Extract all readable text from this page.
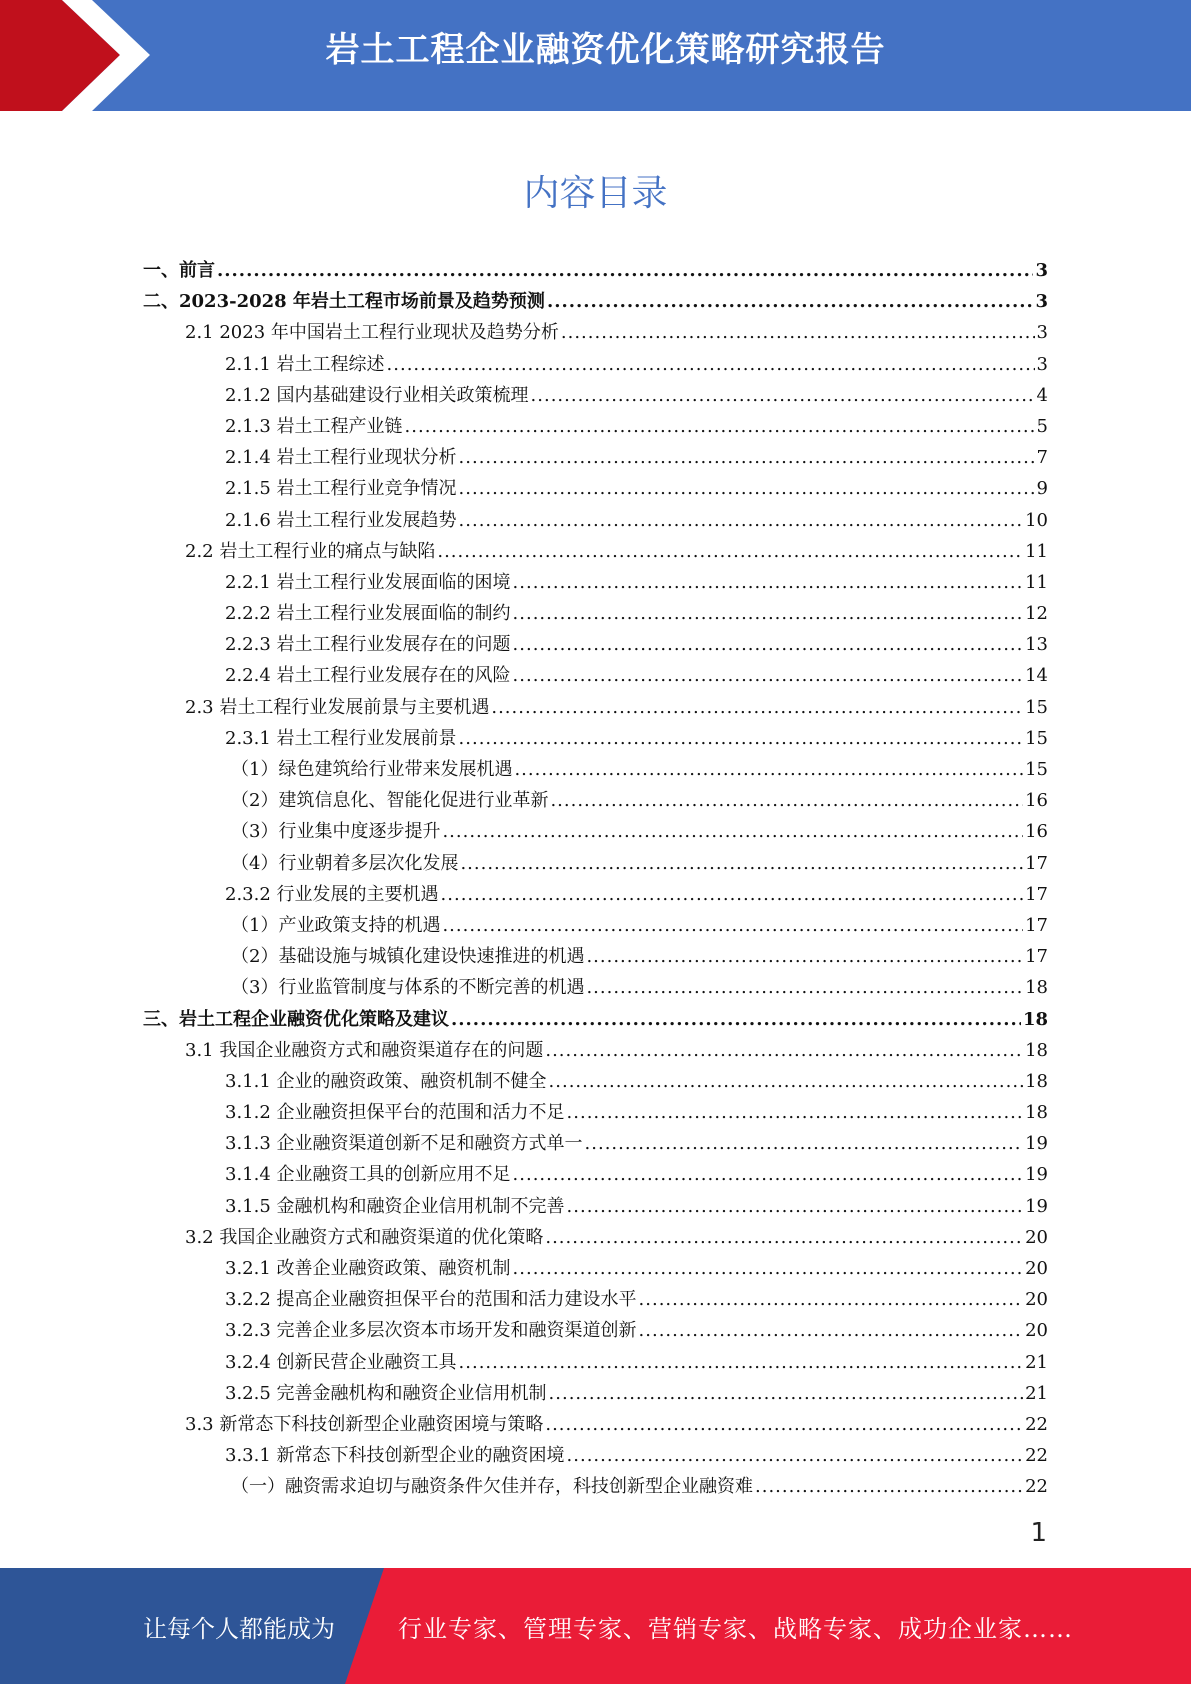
岩土工程企业融资优化策略研究报告
内容目录
一、前言 .....	3
二、2023-2028 年岩土工程市场前景及趋势预测 .....	3
2.1 2023 年中国岩土工程行业现状及趋势分析 .....	3
2.1.1 岩土工程综述 .....	3
2.1.2 国内基础建设行业相关政策梳理 .....	4
2.1.3 岩土工程产业链 .....	5
2.1.4 岩土工程行业现状分析 .....	7
2.1.5 岩土工程行业竞争情况 .....	9
2.1.6 岩土工程行业发展趋势 .....	10
2.2 岩土工程行业的痛点与缺陷 .....	11
2.2.1 岩土工程行业发展面临的困境 .....	11
2.2.2 岩土工程行业发展面临的制约 .....	12
2.2.3 岩土工程行业发展存在的问题 .....	13
2.2.4 岩土工程行业发展存在的风险 .....	14
2.3 岩土工程行业发展前景与主要机遇 .....	15
2.3.1 岩土工程行业发展前景 .....	15
（1）绿色建筑给行业带来发展机遇 .....	15
（2）建筑信息化、智能化促进行业革新 .....	16
（3）行业集中度逐步提升 .....	16
（4）行业朝着多层次化发展 .....	17
2.3.2 行业发展的主要机遇 .....	17
（1）产业政策支持的机遇 .....	17
（2）基础设施与城镇化建设快速推进的机遇 .....	17
（3）行业监管制度与体系的不断完善的机遇 .....	18
三、岩土工程企业融资优化策略及建议 .....	18
3.1 我国企业融资方式和融资渠道存在的问题 .....	18
3.1.1 企业的融资政策、融资机制不健全 .....	18
3.1.2 企业融资担保平台的范围和活力不足 .....	18
3.1.3 企业融资渠道创新不足和融资方式单一 .....	19
3.1.4 企业融资工具的创新应用不足 .....	19
3.1.5 金融机构和融资企业信用机制不完善 .....	19
3.2 我国企业融资方式和融资渠道的优化策略 .....	20
3.2.1 改善企业融资政策、融资机制 .....	20
3.2.2 提高企业融资担保平台的范围和活力建设水平 .....	20
3.2.3 完善企业多层次资本市场开发和融资渠道创新 .....	20
3.2.4 创新民营企业融资工具 .....	21
3.2.5 完善金融机构和融资企业信用机制 .....	21
3.3 新常态下科技创新型企业融资困境与策略 .....	22
3.3.1 新常态下科技创新型企业的融资困境 .....	22
（一）融资需求迫切与融资条件欠佳并存，科技创新型企业融资难 .....	22
1
让每个人都能成为	行业专家、管理专家、营销专家、战略专家、成功企业家……
